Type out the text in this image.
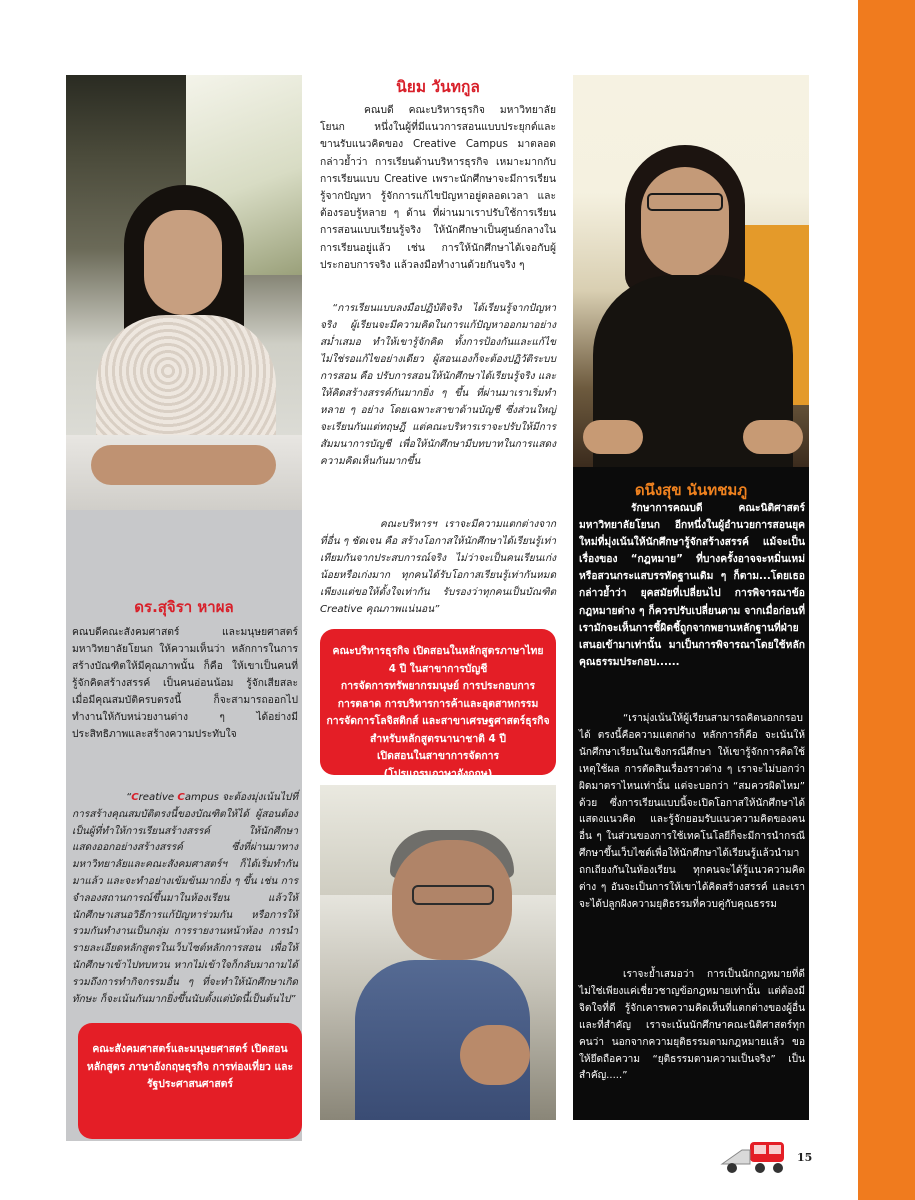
ดร.สุจิรา หาผล

คณบดีคณะสังคมศาสตร์ และมนุษยศาสตร์ มหาวิทยาลัยโยนก ให้ความเห็นว่า หลักการในการสร้างบัณฑิตให้มีคุณภาพนั้น ก็คือ ให้เขาเป็นคนที่รู้จักคิดสร้างสรรค์ เป็นคนอ่อนน้อม รู้จักเสียสละ เมื่อมีคุณสมบัติครบตรงนี้ ก็จะสามารถออกไปทำงานให้กับหน่วยงานต่าง ๆ ได้อย่างมีประสิทธิภาพและสร้างความประทับใจ

“Creative Campus จะต้องมุ่งเน้นไปที่การสร้างคุณสมบัติตรงนี้ของบัณฑิตให้ได้ ผู้สอนต้องเป็นผู้ที่ทำให้การเรียนสร้างสรรค์ ให้นักศึกษาแสดงออกอย่างสร้างสรรค์ ซึ่งที่ผ่านมาทางมหาวิทยาลัยและคณะสังคมศาสตร์ฯ ก็ได้เริ่มทำกันมาแล้ว และจะทำอย่างเข้มข้นมากยิ่ง ๆ ขึ้น เช่น การจำลองสถานการณ์ขึ้นมาในห้องเรียน แล้วให้นักศึกษาเสนอวิธีการแก้ปัญหาร่วมกัน หรือการให้รวมกันทำงานเป็นกลุ่ม การรายงานหน้าห้อง การนำรายละเอียดหลักสูตรในเว็บไซต์หลักการสอน เพื่อให้นักศึกษาเข้าไปทบทวน หากไม่เข้าใจก็กลับมาถามได้ รวมถึงการทำกิจกรรมอื่น ๆ ที่จะทำให้นักศึกษาเกิดทักษะ ก็จะเน้นกันมากยิ่งขึ้นนับตั้งแต่บัดนี้เป็นต้นไป”

คณะสังคมศาสตร์และมนุษยศาสตร์ เปิดสอนหลักสูตร ภาษาอังกฤษธุรกิจ การท่องเที่ยว และรัฐประศาสนศาสตร์
นิยม วันทกูล

คณบดี คณะบริหารธุรกิจ มหาวิทยาลัยโยนก หนึ่งในผู้ที่มีแนวการสอนแบบประยุกต์และขานรับแนวคิดของ Creative Campus มาตลอด กล่าวย้ำว่า การเรียนด้านบริหารธุรกิจ เหมาะมากกับการเรียนแบบ Creative เพราะนักศึกษาจะมีการเรียนรู้จากปัญหา รู้จักการแก้ไขปัญหาอยู่ตลอดเวลา และต้องรอบรู้หลาย ๆ ด้าน ที่ผ่านมาเราปรับใช้การเรียนการสอนแบบเรียนรู้จริง ให้นักศึกษาเป็นศูนย์กลางในการเรียนอยู่แล้ว เช่น การให้นักศึกษาได้เจอกับผู้ประกอบการจริง แล้วลงมือทำงานด้วยกันจริง ๆ

“การเรียนแบบลงมือปฏิบัติจริง ได้เรียนรู้จากปัญหาจริง ผู้เรียนจะมีความคิดในการแก้ปัญหาออกมาอย่างสม่ำเสมอ ทำให้เขารู้จักคิด ทั้งการป้องกันและแก้ไข ไม่ใช่รอแก้ไขอย่างเดียว ผู้สอนเองก็จะต้องปฏิวัติระบบการสอน คือ ปรับการสอนให้นักศึกษาได้เรียนรู้จริง และให้คิดสร้างสรรค์กันมากยิ่ง ๆ ขึ้น ที่ผ่านมาเราเริ่มทำหลาย ๆ อย่าง โดยเฉพาะสาขาด้านบัญชี ซึ่งส่วนใหญ่จะเรียนกันแต่ทฤษฎี แต่คณะบริหารเราจะปรับให้มีการสัมมนาการบัญชี เพื่อให้นักศึกษามีบทบาทในการแสดงความคิดเห็นกันมากขึ้น

คณะบริหารฯ เราจะมีความแตกต่างจากที่อื่น ๆ ชัดเจน คือ สร้างโอกาสให้นักศึกษาได้เรียนรู้เท่าเทียมกันจากประสบการณ์จริง ไม่ว่าจะเป็นคนเรียนเก่งน้อยหรือเก่งมาก ทุกคนได้รับโอกาสเรียนรู้เท่ากันหมด เพียงแต่ขอให้ตั้งใจเท่ากัน รับรองว่าทุกคนเป็นบัณฑิต Creative คุณภาพแน่นอน”

คณะบริหารธุรกิจ เปิดสอนในหลักสูตรภาษาไทย
4 ปี ในสาขาการบัญชี
การจัดการทรัพยากรมนุษย์ การประกอบการ
การตลาด การบริหารการค้าและอุตสาหกรรม
การจัดการโลจิสติกส์ และสาขาเศรษฐศาสตร์ธุรกิจ
สำหรับหลักสูตรนานาชาติ 4 ปี
เปิดสอนในสาขาการจัดการ
(โปรแกรมภาษาอังกฤษ)
ดนึงสุข นันทชมภู

รักษาการคณบดี คณะนิติศาสตร์ มหาวิทยาลัยโยนก อีกหนึ่งในผู้อำนวยการสอนยุคใหม่ที่มุ่งเน้นให้นักศึกษารู้จักสร้างสรรค์ แม้จะเป็นเรื่องของ “กฎหมาย” ที่บางครั้งอาจจะหมิ่นเหม่ หรือสวนกระแสบรรทัดฐานเดิม ๆ ก็ตาม...โดยเธอกล่าวย้ำว่า ยุคสมัยที่เปลี่ยนไป การพิจารณาข้อกฎหมายต่าง ๆ ก็ควรปรับเปลี่ยนตาม จากเมื่อก่อนที่เรามักจะเห็นการชี้ผิดชี้ถูกจากพยานหลักฐานที่ฝ่ายเสนอเข้ามาเท่านั้น มาเป็นการพิจารณาโดยใช้หลักคุณธรรมประกอบ......

“เรามุ่งเน้นให้ผู้เรียนสามารถคิดนอกกรอบได้ ตรงนี้คือความแตกต่าง หลักการก็คือ จะเน้นให้นักศึกษาเรียนในเชิงกรณีศึกษา ให้เขารู้จักการคิดใช้เหตุใช้ผล การตัดสินเรื่องราวต่าง ๆ เราจะไม่บอกว่าผิดมาตราไหนเท่านั้น แต่จะบอกว่า “สมควรผิดไหม” ด้วย ซึ่งการเรียนแบบนี้จะเปิดโอกาสให้นักศึกษาได้แสดงแนวคิด และรู้จักยอมรับแนวความคิดของคนอื่น ๆ ในส่วนของการใช้เทคโนโลยีก็จะมีการนำกรณีศึกษาขึ้นเว็บไซต์เพื่อให้นักศึกษาได้เรียนรู้แล้วนำมาถกเถียงกันในห้องเรียน ทุกคนจะได้รู้แนวความคิดต่าง ๆ อันจะเป็นการให้เขาได้คิดสร้างสรรค์ และเราจะได้ปลูกฝังความยุติธรรมที่ควบคู่กับคุณธรรม

เราจะย้ำเสมอว่า การเป็นนักกฎหมายที่ดี ไม่ใช่เพียงแค่เชี่ยวชาญข้อกฎหมายเท่านั้น แต่ต้องมีจิตใจที่ดี รู้จักเคารพความคิดเห็นที่แตกต่างของผู้อื่น และที่สำคัญ เราจะเน้นนักศึกษาคณะนิติศาสตร์ทุกคนว่า นอกจากความยุติธรรมตามกฎหมายแล้ว ขอให้ยึดถือความ “ยุติธรรมตามความเป็นจริง” เป็นสำคัญ.....”

15
